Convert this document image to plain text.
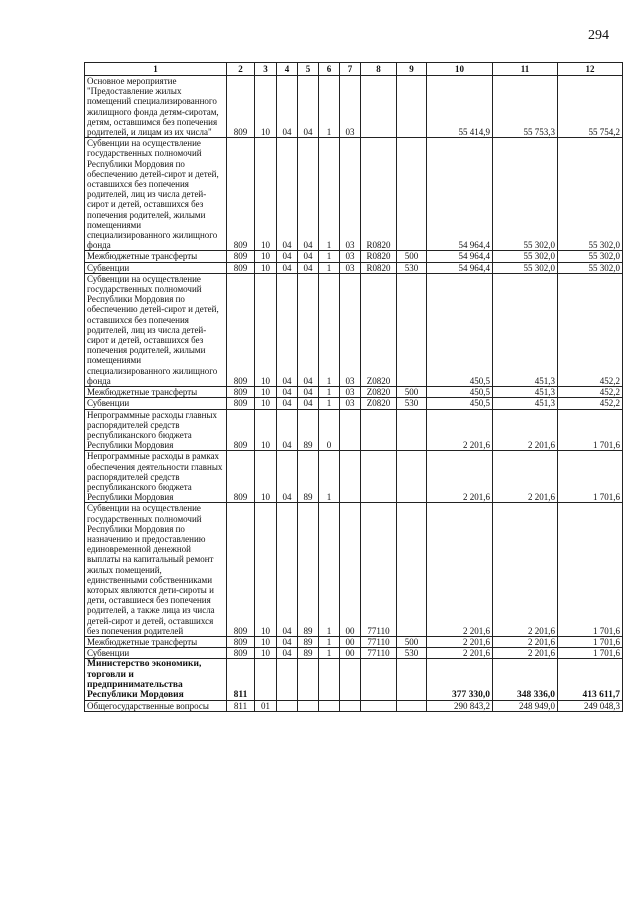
294
1	2	3	4	5	6	7	8	9	10	11	12
Основное мероприятие "Предоставление жилых помещений специализированного жилищного фонда детям-сиротам, детям, оставшимся без попечения родителей, и лицам из их числа"	809	10	04	04	1	03			55 414,9	55 753,3	55 754,2
Субвенции на осуществление государственных полномочий Республики Мордовия по обеспечению детей-сирот и детей, оставшихся без попечения родителей, лиц из числа детей-сирот и детей, оставшихся без попечения родителей, жилыми помещениями специализированного жилищного фонда	809	10	04	04	1	03	R0820		54 964,4	55 302,0	55 302,0
Межбюджетные трансферты	809	10	04	04	1	03	R0820	500	54 964,4	55 302,0	55 302,0
Субвенции	809	10	04	04	1	03	R0820	530	54 964,4	55 302,0	55 302,0
Субвенции на осуществление государственных полномочий Республики Мордовия по обеспечению детей-сирот и детей, оставшихся без попечения родителей, лиц из числа детей-сирот и детей, оставшихся без попечения родителей, жилыми помещениями специализированного жилищного фонда	809	10	04	04	1	03	Z0820		450,5	451,3	452,2
Межбюджетные трансферты	809	10	04	04	1	03	Z0820	500	450,5	451,3	452,2
Субвенции	809	10	04	04	1	03	Z0820	530	450,5	451,3	452,2
Непрограммные расходы главных распорядителей средств республиканского бюджета Республики Мордовия	809	10	04	89	0				2 201,6	2 201,6	1 701,6
Непрограммные расходы в рамках обеспечения деятельности главных распорядителей средств республиканского бюджета Республики Мордовия	809	10	04	89	1				2 201,6	2 201,6	1 701,6
Субвенции на осуществление государственных полномочий Республики Мордовия по назначению и предоставлению единовременной денежной выплаты на капитальный ремонт жилых помещений, единственными собственниками которых являются дети-сироты и дети, оставшиеся без попечения родителей, а также лица из числа детей-сирот и детей, оставшихся без попечения родителей	809	10	04	89	1	00	77110		2 201,6	2 201,6	1 701,6
Межбюджетные трансферты	809	10	04	89	1	00	77110	500	2 201,6	2 201,6	1 701,6
Субвенции	809	10	04	89	1	00	77110	530	2 201,6	2 201,6	1 701,6
Министерство экономики, торговли и предпринимательства Республики Мордовия	811								377 330,0	348 336,0	413 611,7
Общегосударственные вопросы	811	01							290 843,2	248 949,0	249 048,3
